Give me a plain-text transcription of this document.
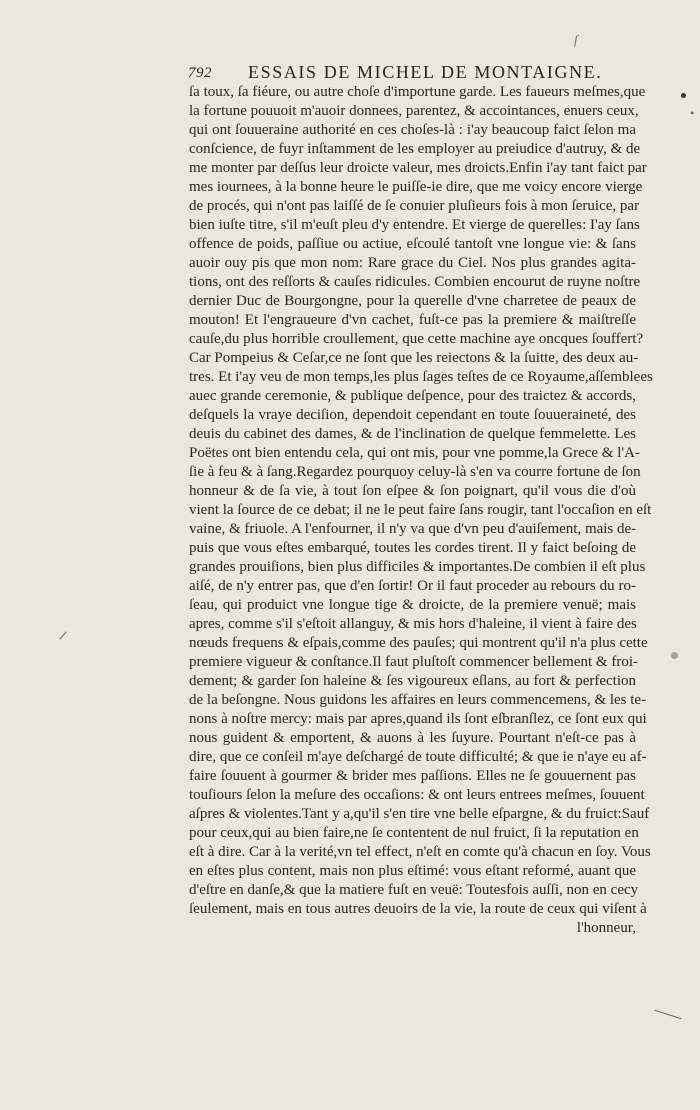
ſ
792 ESSAIS DE MICHEL DE MONTAIGNE.
ſa toux, ſa fiéure, ou autre choſe d'importune garde. Les faueurs meſmes,que
la fortune pouuoit m'auoir donnees, parentez, & accointances, enuers ceux,
qui ont ſouueraine authorité en ces choſes-là : i'ay beaucoup faict ſelon ma
conſcience, de fuyr inſtamment de les employer au preiudice d'autruy, & de
me monter par deſſus leur droicte valeur, mes droicts.Enfin i'ay tant faict par
mes iournees, à la bonne heure le puiſſe-ie dire, que me voicy encore vierge
de procés, qui n'ont pas laiſſé de ſe conuier pluſieurs fois à mon ſeruice, par
bien iuſte titre, s'il m'euſt pleu d'y entendre. Et vierge de querelles: I'ay ſans
offence de poids, paſſiue ou actiue, eſcoulé tantoſt vne longue vie: & ſans
auoir ouy pis que mon nom: Rare grace du Ciel. Nos plus grandes agita-
tions, ont des reſſorts & cauſes ridicules. Combien encourut de ruyne noſtre
dernier Duc de Bourgongne, pour la querelle d'vne charretee de peaux de
mouton! Et l'engraueure d'vn cachet, fuſt-ce pas la premiere & maiſtreſſe
cauſe,du plus horrible croullement, que cette machine aye oncques ſouffert?
Car Pompeius & Ceſar,ce ne ſont que les reiectons & la ſuitte, des deux au-
tres. Et i'ay veu de mon temps,les plus ſages teſtes de ce Royaume,aſſemblees
auec grande ceremonie, & publique deſpence, pour des traictez & accords,
deſquels la vraye deciſion, dependoit cependant en toute ſouueraineté, des
deuis du cabinet des dames, & de l'inclination de quelque femmelette. Les
Poëtes ont bien entendu cela, qui ont mis, pour vne pomme,la Grece & l'A-
ſie à feu & à ſang.Regardez pourquoy celuy-là s'en va courre fortune de ſon
honneur & de ſa vie, à tout ſon eſpee & ſon poignart, qu'il vous die d'où
vient la ſource de ce debat; il ne le peut faire ſans rougir, tant l'occaſion en eſt
vaine, & friuole. A l'enfourner, il n'y va que d'vn peu d'auiſement, mais de-
puis que vous eſtes embarqué, toutes les cordes tirent. Il y faict beſoing de
grandes prouiſions, bien plus difficiles & importantes.De combien il eſt plus
aiſé, de n'y entrer pas, que d'en ſortir! Or il faut proceder au rebours du ro-
ſeau, qui produict vne longue tige & droicte, de la premiere venuë; mais
apres, comme s'il s'eſtoit allanguy, & mis hors d'haleine, il vient à faire des
nœuds frequens & eſpais,comme des pauſes; qui montrent qu'il n'a plus cette
premiere vigueur & conſtance.Il faut pluſtoſt commencer bellement & froi-
dement; & garder ſon haleine & ſes vigoureux eſlans, au fort & perfection
de la beſongne. Nous guidons les affaires en leurs commencemens, & les te-
nons à noſtre mercy: mais par apres,quand ils ſont eſbranſlez, ce ſont eux qui
nous guident & emportent, & auons à les ſuyure. Pourtant n'eſt-ce pas à
dire, que ce conſeil m'aye deſchargé de toute difficulté; & que ie n'aye eu af-
faire ſouuent à gourmer & brider mes paſſions. Elles ne ſe gouuernent pas
touſiours ſelon la meſure des occaſions: & ont leurs entrees meſmes, ſouuent
aſpres & violentes.Tant y a,qu'il s'en tire vne belle eſpargne, & du fruict:Sauf
pour ceux,qui au bien faire,ne ſe contentent de nul fruict, ſi la reputation en
eſt à dire. Car à la verité,vn tel effect, n'eſt en comte qu'à chacun en ſoy. Vous
en eſtes plus content, mais non plus eſtimé: vous eſtant reformé, auant que
d'eſtre en danſe,& que la matiere fuſt en veuë: Toutesfois auſſi, non en cecy
ſeulement, mais en tous autres deuoirs de la vie, la route de ceux qui viſent à
l'honneur,
•
